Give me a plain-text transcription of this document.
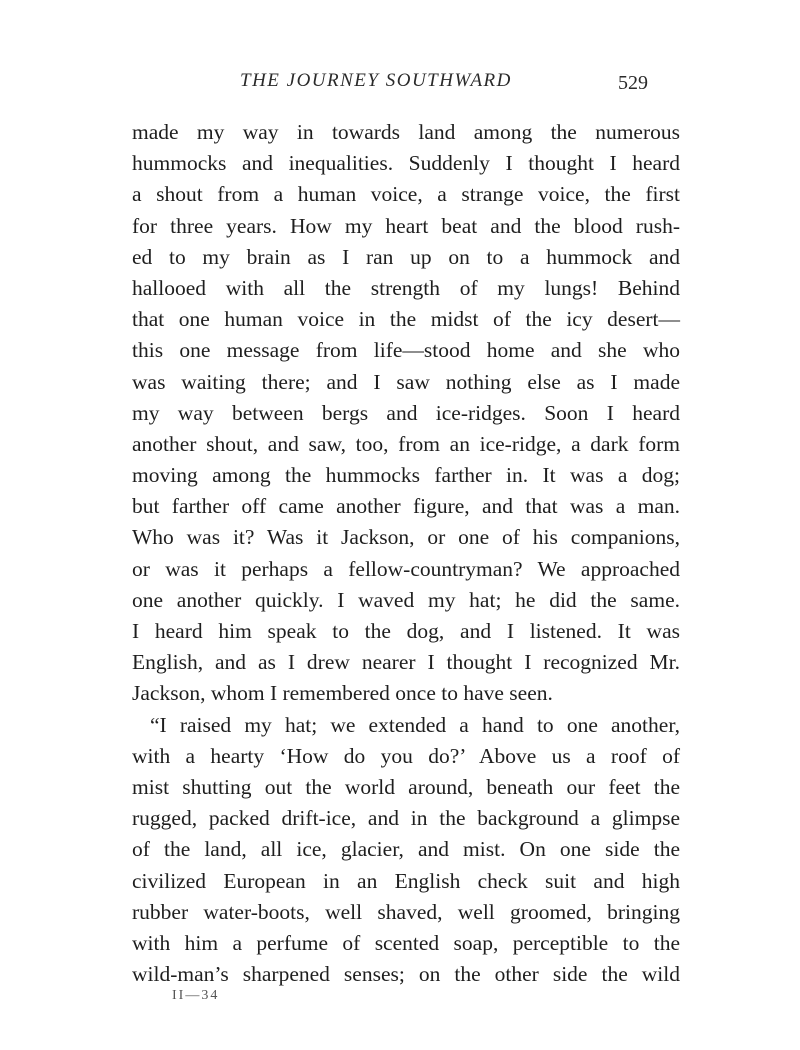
THE JOURNEY SOUTHWARD	529
made my way in towards land among the numerous
hummocks and inequalities. Suddenly I thought I heard
a shout from a human voice, a strange voice, the first
for three years. How my heart beat and the blood rush-
ed to my brain as I ran up on to a hummock and
hallooed with all the strength of my lungs! Behind
that one human voice in the midst of the icy desert—
this one message from life—stood home and she who
was waiting there; and I saw nothing else as I made
my way between bergs and ice-ridges. Soon I heard
another shout, and saw, too, from an ice-ridge, a dark form
moving among the hummocks farther in. It was a dog;
but farther off came another figure, and that was a man.
Who was it? Was it Jackson, or one of his companions,
or was it perhaps a fellow-countryman? We approached
one another quickly. I waved my hat; he did the same.
I heard him speak to the dog, and I listened. It was
English, and as I drew nearer I thought I recognized Mr.
Jackson, whom I remembered once to have seen.
“I raised my hat; we extended a hand to one another,
with a hearty ‘How do you do?’ Above us a roof of
mist shutting out the world around, beneath our feet the
rugged, packed drift-ice, and in the background a glimpse
of the land, all ice, glacier, and mist. On one side the
civilized European in an English check suit and high
rubber water-boots, well shaved, well groomed, bringing
with him a perfume of scented soap, perceptible to the
wild-man’s sharpened senses; on the other side the wild
II—34
